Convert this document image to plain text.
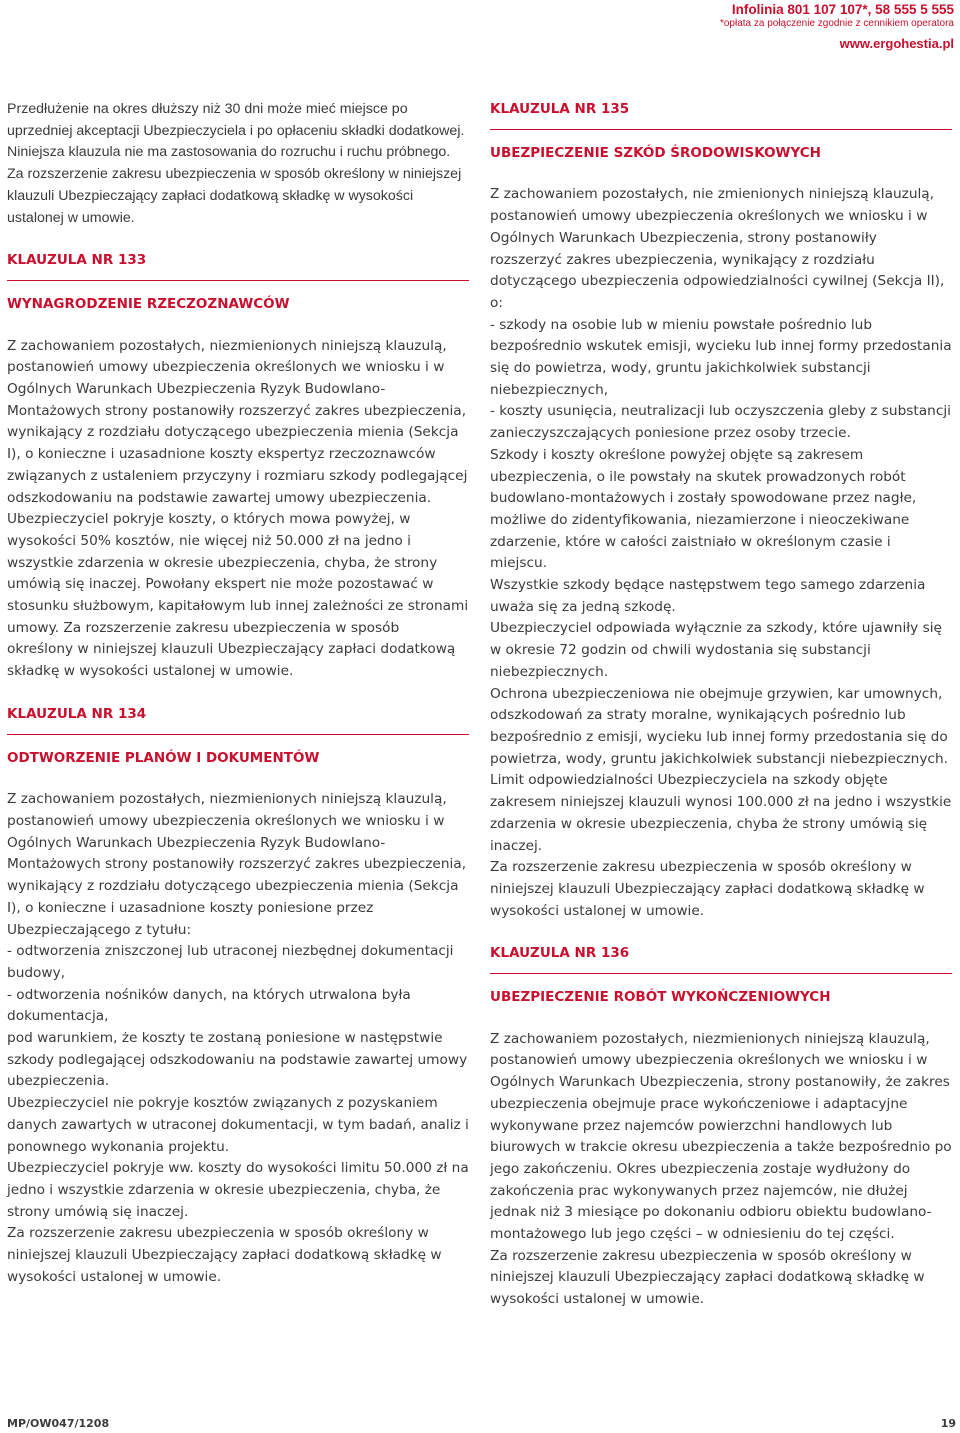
Infolinia 801 107 107*, 58 555 5 555
*opłata za połączenie zgodnie z cennikiem operatora
www.ergohestia.pl

Przedłużenie na okres dłuższy niż 30 dni może mieć miejsce po uprzedniej akceptacji Ubezpieczyciela i po opłaceniu składki dodatkowej.

Niniejsza klauzula nie ma zastosowania do rozruchu i ruchu próbnego.

Za rozszerzenie zakresu ubezpieczenia w sposób określony w niniejszej klauzuli Ubezpieczający zapłaci dodatkową składkę w wysokości ustalonej w umowie.

KLAUZULA NR 133
WYNAGRODZENIE RZECZOZNAWCÓW

Z zachowaniem pozostałych, niezmienionych niniejszą klauzulą, postanowień umowy ubezpieczenia określonych we wniosku i w Ogólnych Warunkach Ubezpieczenia Ryzyk Budowlano-Montażowych strony postanowiły rozszerzyć zakres ubezpieczenia, wynikający z rozdziału dotyczącego ubezpieczenia mienia (Sekcja I), o konieczne i uzasadnione koszty ekspertyz rzeczoznawców związanych z ustaleniem przyczyny i rozmiaru szkody podlegającej odszkodowaniu na podstawie zawartej umowy ubezpieczenia.

Ubezpieczyciel pokryje koszty, o których mowa powyżej, w wysokości 50% kosztów, nie więcej niż 50.000 zł na jedno i wszystkie zdarzenia w okresie ubezpieczenia, chyba, że strony umówią się inaczej. Powołany ekspert nie może pozostawać w stosunku służbowym, kapitałowym lub innej zależności ze stronami umowy. Za rozszerzenie zakresu ubezpieczenia w sposób określony w niniejszej klauzuli Ubezpieczający zapłaci dodatkową składkę w wysokości ustalonej w umowie.

KLAUZULA NR 134
ODTWORZENIE PLANÓW I DOKUMENTÓW

Z zachowaniem pozostałych, niezmienionych niniejszą klauzulą, postanowień umowy ubezpieczenia określonych we wniosku i w Ogólnych Warunkach Ubezpieczenia Ryzyk Budowlano-Montażowych strony postanowiły rozszerzyć zakres ubezpieczenia, wynikający z rozdziału dotyczącego ubezpieczenia mienia (Sekcja I), o konieczne i uzasadnione koszty poniesione przez Ubezpieczającego z tytułu:

- odtworzenia zniszczonej lub utraconej niezbędnej dokumentacji budowy,

- odtworzenia nośników danych, na których utrwalona była dokumentacja,

pod warunkiem, że koszty te zostaną poniesione w następstwie szkody podlegającej odszkodowaniu na podstawie zawartej umowy ubezpieczenia.

Ubezpieczyciel nie pokryje kosztów związanych z pozyskaniem danych zawartych w utraconej dokumentacji, w tym badań, analiz i ponownego wykonania projektu.

Ubezpieczyciel pokryje ww. koszty do wysokości limitu 50.000 zł na jedno i wszystkie zdarzenia w okresie ubezpieczenia, chyba, że strony umówią się inaczej.

Za rozszerzenie zakresu ubezpieczenia w sposób określony w niniejszej klauzuli Ubezpieczający zapłaci dodatkową składkę w wysokości ustalonej w umowie.

KLAUZULA NR 135
UBEZPIECZENIE SZKÓD ŚRODOWISKOWYCH

Z zachowaniem pozostałych, nie zmienionych niniejszą klauzulą, postanowień umowy ubezpieczenia określonych we wniosku i w Ogólnych Warunkach Ubezpieczenia, strony postanowiły rozszerzyć zakres ubezpieczenia, wynikający z rozdziału dotyczącego ubezpieczenia odpowiedzialności cywilnej (Sekcja II), o:

- szkody na osobie lub w mieniu powstałe pośrednio lub bezpośrednio wskutek emisji, wycieku lub innej formy przedostania się do powietrza, wody, gruntu jakichkolwiek substancji niebezpiecznych,

- koszty usunięcia, neutralizacji lub oczyszczenia gleby z substancji zanieczyszczających poniesione przez osoby trzecie.

Szkody i koszty określone powyżej objęte są zakresem ubezpieczenia, o ile powstały na skutek prowadzonych robót budowlano-montażowych i zostały spowodowane przez nagłe, możliwe do zidentyfikowania, niezamierzone i nieoczekiwane zdarzenie, które w całości zaistniało w określonym czasie i miejscu.

Wszystkie szkody będące następstwem tego samego zdarzenia uważa się za jedną szkodę.

Ubezpieczyciel odpowiada wyłącznie za szkody, które ujawniły się w okresie 72 godzin od chwili wydostania się substancji niebezpiecznych.

Ochrona ubezpieczeniowa nie obejmuje grzywien, kar umownych, odszkodowań za straty moralne, wynikających pośrednio lub bezpośrednio z emisji, wycieku lub innej formy przedostania się do powietrza, wody, gruntu jakichkolwiek substancji niebezpiecznych.

Limit odpowiedzialności Ubezpieczyciela na szkody objęte zakresem niniejszej klauzuli wynosi 100.000 zł na jedno i wszystkie zdarzenia w okresie ubezpieczenia, chyba że strony umówią się inaczej.

Za rozszerzenie zakresu ubezpieczenia w sposób określony w niniejszej klauzuli Ubezpieczający zapłaci dodatkową składkę w wysokości ustalonej w umowie.

KLAUZULA NR 136
UBEZPIECZENIE ROBÓT WYKOŃCZENIOWYCH

Z zachowaniem pozostałych, niezmienionych niniejszą klauzulą, postanowień umowy ubezpieczenia określonych we wniosku i w Ogólnych Warunkach Ubezpieczenia, strony postanowiły, że zakres ubezpieczenia obejmuje prace wykończeniowe i adaptacyjne wykonywane przez najemców powierzchni handlowych lub biurowych w trakcie okresu ubezpieczenia a także bezpośrednio po jego zakończeniu. Okres ubezpieczenia zostaje wydłużony do zakończenia prac wykonywanych przez najemców, nie dłużej jednak niż 3 miesiące po dokonaniu odbioru obiektu budowlano-montażowego lub jego części – w odniesieniu do tej części.

Za rozszerzenie zakresu ubezpieczenia w sposób określony w niniejszej klauzuli Ubezpieczający zapłaci dodatkową składkę w wysokości ustalonej w umowie.

MP/OW047/1208	19
